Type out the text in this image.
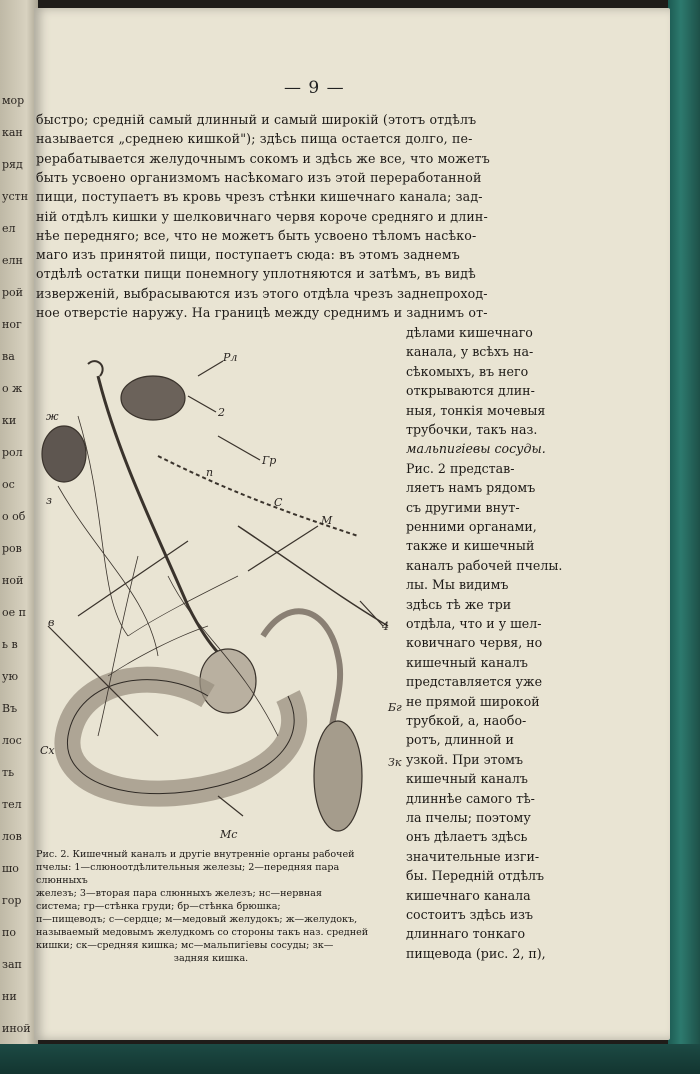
мор
кан
ряд
устн
ел
елн
рой
ног
ва
о ж
ки
рол
ос
о об
ров
ной
ое п
ь в
ую
Въ
лос
ть
тел
лов
шо
гор
по
зап
ни
иной
— 9 —
Рл
2
Гр
п
С
М
4
Бг
Зк
Мс
Сх
в
з
ж
Рис. 2. Кишечный каналъ и другіе внутренніе органы рабочей
пчелы: 1—слюноотдѣлительныя железы; 2—передняя пара слюнныхъ
железъ; 3—вторая пара слюнныхъ железъ; нс—нервная
система; гр—стѣнка груди; бр—стѣнка брюшка;
п—пищеводъ; с—сердце; м—медовый желудокъ; ж—желудокъ,
называемый медовымъ желудкомъ со стороны такъ наз. средней
кишки; ск—средняя кишка; мс—мальпигіевы сосуды; зк—
задняя кишка.
быстро; средній самый длинный и самый широкій (этотъ отдѣлъ
называется „среднею кишкой"); здѣсь пища остается долго, пе-
рерабатывается желудочнымъ сокомъ и здѣсь же все, что можетъ
быть усвоено организмомъ насѣкомаго изъ этой переработанной
пищи, поступаетъ въ кровь чрезъ стѣнки кишечнаго канала; зад-
ній отдѣлъ кишки у шелковичнаго червя короче средняго и длин-
нѣе передняго; все, что не можетъ быть усвоено тѣломъ насѣко-
маго изъ принятой пищи, поступаетъ сюда: въ этомъ заднемъ
отдѣлѣ остатки пищи понемногу уплотняются и затѣмъ, въ видѣ
изверженій, выбрасываются изъ этого отдѣла чрезъ заднепроход-
ное отверстіе наружу. На границѣ между среднимъ и заднимъ от-
дѣлами кишечнаго
канала, у всѣхъ на-
сѣкомыхъ, въ него
открываются длин-
ныя, тонкія мочевыя
трубочки, такъ наз.
мальпигіевы сосуды.
Рис. 2 представ-
ляетъ намъ рядомъ
съ другими внут-
ренними органами,
также и кишечный
каналъ рабочей пчелы.
лы. Мы видимъ
здѣсь тѣ же три
отдѣла, что и у шел-
ковичнаго червя, но
кишечный каналъ
представляется уже
не прямой широкой
трубкой, а, наобо-
ротъ, длинной и
узкой. При этомъ
кишечный каналъ
длиннѣе самого тѣ-
ла пчелы; поэтому
онъ дѣлаетъ здѣсь
значительные изги-
бы. Передній отдѣлъ
кишечнаго канала
состоитъ здѣсь изъ
длиннаго тонкаго
пищевода (рис. 2, п),
